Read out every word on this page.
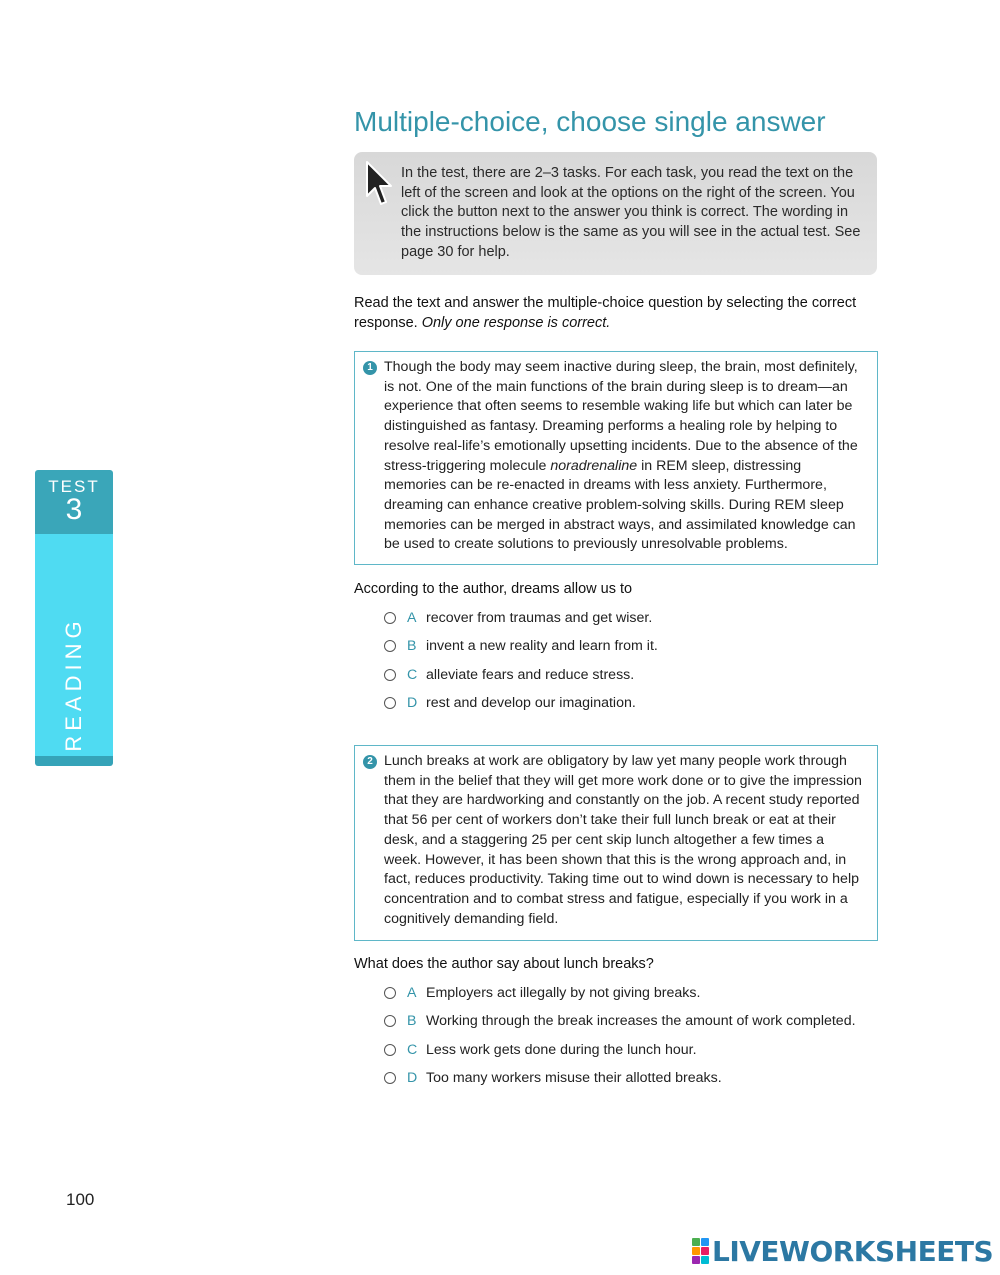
TEST
3
READING
Multiple-choice, choose single answer
In the test, there are 2–3 tasks. For each task, you read the text on the left of the screen and look at the options on the right of the screen. You click the button next to the answer you think is correct. The wording in the instructions below is the same as you will see in the actual test. See page 30 for help.
Read the text and answer the multiple-choice question by selecting the correct response. Only one response is correct.
1 Though the body may seem inactive during sleep, the brain, most definitely, is not. One of the main functions of the brain during sleep is to dream—an experience that often seems to resemble waking life but which can later be distinguished as fantasy. Dreaming performs a healing role by helping to resolve real-life’s emotionally upsetting incidents. Due to the absence of the stress-triggering molecule noradrenaline in REM sleep, distressing memories can be re-enacted in dreams with less anxiety. Furthermore, dreaming can enhance creative problem-solving skills. During REM sleep memories can be merged in abstract ways, and assimilated knowledge can be used to create solutions to previously unresolvable problems.
According to the author, dreams allow us to
A recover from traumas and get wiser.
B invent a new reality and learn from it.
C alleviate fears and reduce stress.
D rest and develop our imagination.
2 Lunch breaks at work are obligatory by law yet many people work through them in the belief that they will get more work done or to give the impression that they are hardworking and constantly on the job. A recent study reported that 56 per cent of workers don’t take their full lunch break or eat at their desk, and a staggering 25 per cent skip lunch altogether a few times a week. However, it has been shown that this is the wrong approach and, in fact, reduces productivity. Taking time out to wind down is necessary to help concentration and to combat stress and fatigue, especially if you work in a cognitively demanding field.
What does the author say about lunch breaks?
A Employers act illegally by not giving breaks.
B Working through the break increases the amount of work completed.
C Less work gets done during the lunch hour.
D Too many workers misuse their allotted breaks.
100
LIVEWORKSHEETS
